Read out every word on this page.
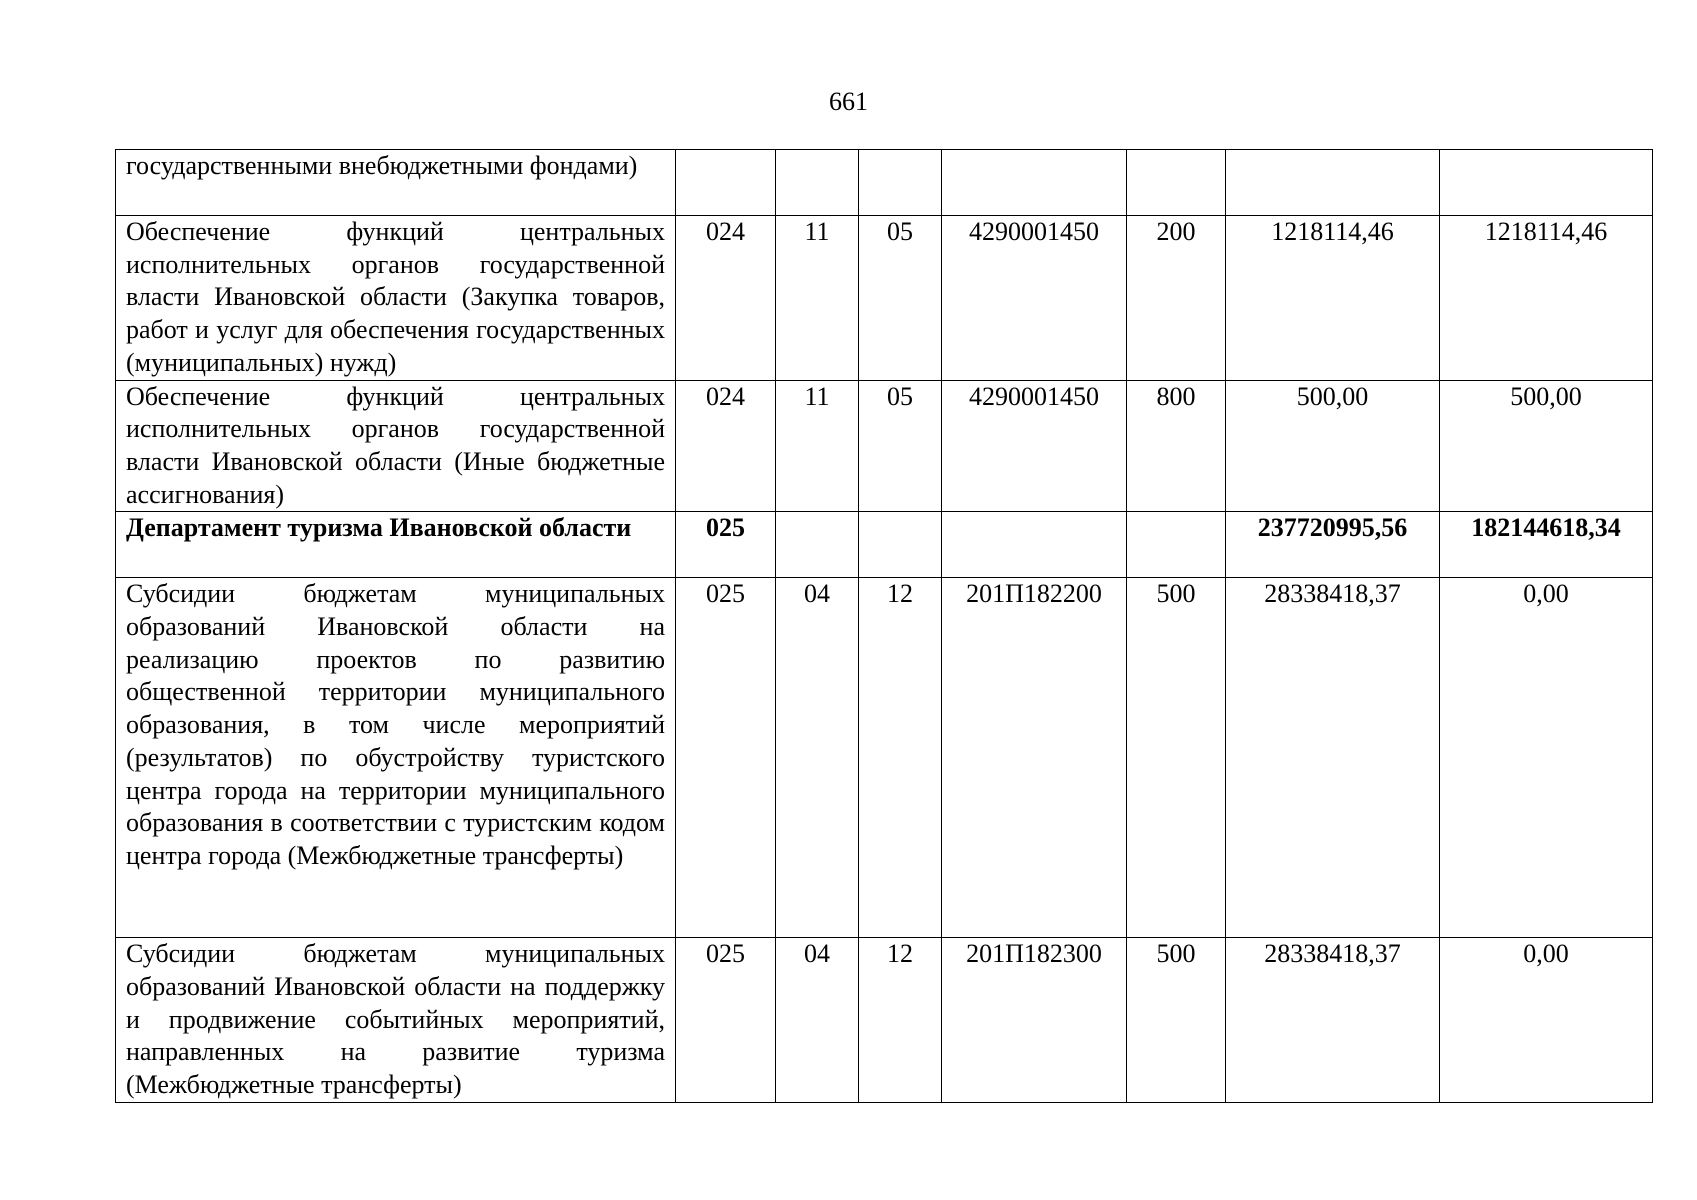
661
государственными внебюджетными фондами)							
Обеспечение функций центральных исполнительных органов государственной власти Ивановской области (Закупка товаров, работ и услуг для обеспечения государственных (муниципальных) нужд)	024	11	05	4290001450	200	1218114,46	1218114,46
Обеспечение функций центральных исполнительных органов государственной власти Ивановской области (Иные бюджетные ассигнования)	024	11	05	4290001450	800	500,00	500,00
Департамент туризма Ивановской области	025					237720995,56	182144618,34
Субсидии бюджетам муниципальных образований Ивановской области на реализацию проектов по развитию общественной территории муниципального образования, в том числе мероприятий (результатов) по обустройству туристского центра города на территории муниципального образования в соответствии с туристским кодом центра города (Межбюджетные трансферты)	025	04	12	201П182200	500	28338418,37	0,00
Субсидии бюджетам муниципальных образований Ивановской области на поддержку и продвижение событийных мероприятий, направленных на развитие туризма (Межбюджетные трансферты)	025	04	12	201П182300	500	28338418,37	0,00
